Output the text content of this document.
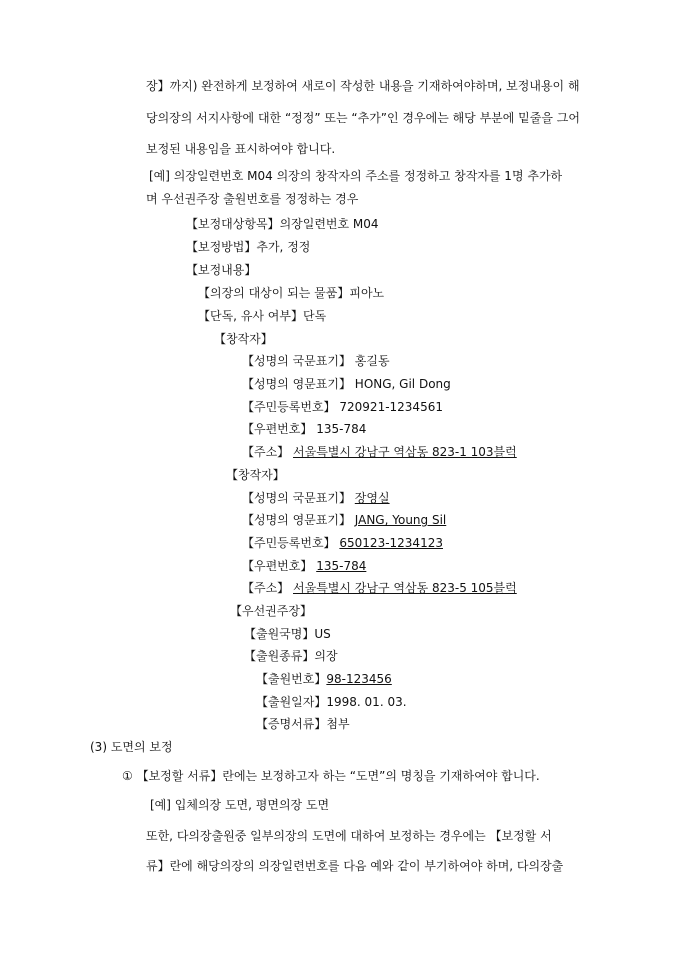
장】까지) 완전하게 보정하여 새로이 작성한 내용을 기재하여야하며, 보정내용이 해
당의장의 서지사항에 대한 “정정” 또는 “추가”인 경우에는 해당 부분에 밑줄을 그어
보정된 내용임을 표시하여야 합니다.
[예] 의장일련번호 M04 의장의 창작자의 주소를 정정하고 창작자를 1명 추가하
며 우선권주장 출원번호를 정정하는 경우
【보정대상항목】의장일련번호 M04
【보정방법】추가, 정정
【보정내용】
【의장의 대상이 되는 물품】피아노
【단독, 유사 여부】단독
【창작자】
【성명의 국문표기】 홍길동
【성명의 영문표기】 HONG, Gil Dong
【주민등록번호】 720921-1234561
【우편번호】 135-784
【주소】 서울특별시 강남구 역삼동 823-1 103블럭
【창작자】
【성명의 국문표기】 장영실
【성명의 영문표기】 JANG, Young Sil
【주민등록번호】 650123-1234123
【우편번호】 135-784
【주소】 서울특별시 강남구 역삼동 823-5 105블럭
【우선권주장】
【출원국명】US
【출원종류】의장
【출원번호】98-123456
【출원일자】1998. 01. 03.
【증명서류】첨부
(3) 도면의 보정
① 【보정할 서류】란에는 보정하고자 하는 “도면”의 명칭을 기재하여야 합니다.
[예] 입체의장 도면, 평면의장 도면
또한, 다의장출원중 일부의장의 도면에 대하여 보정하는 경우에는 【보정할 서
류】란에 해당의장의 의장일련번호를 다음 예와 같이 부기하여야 하며, 다의장출
